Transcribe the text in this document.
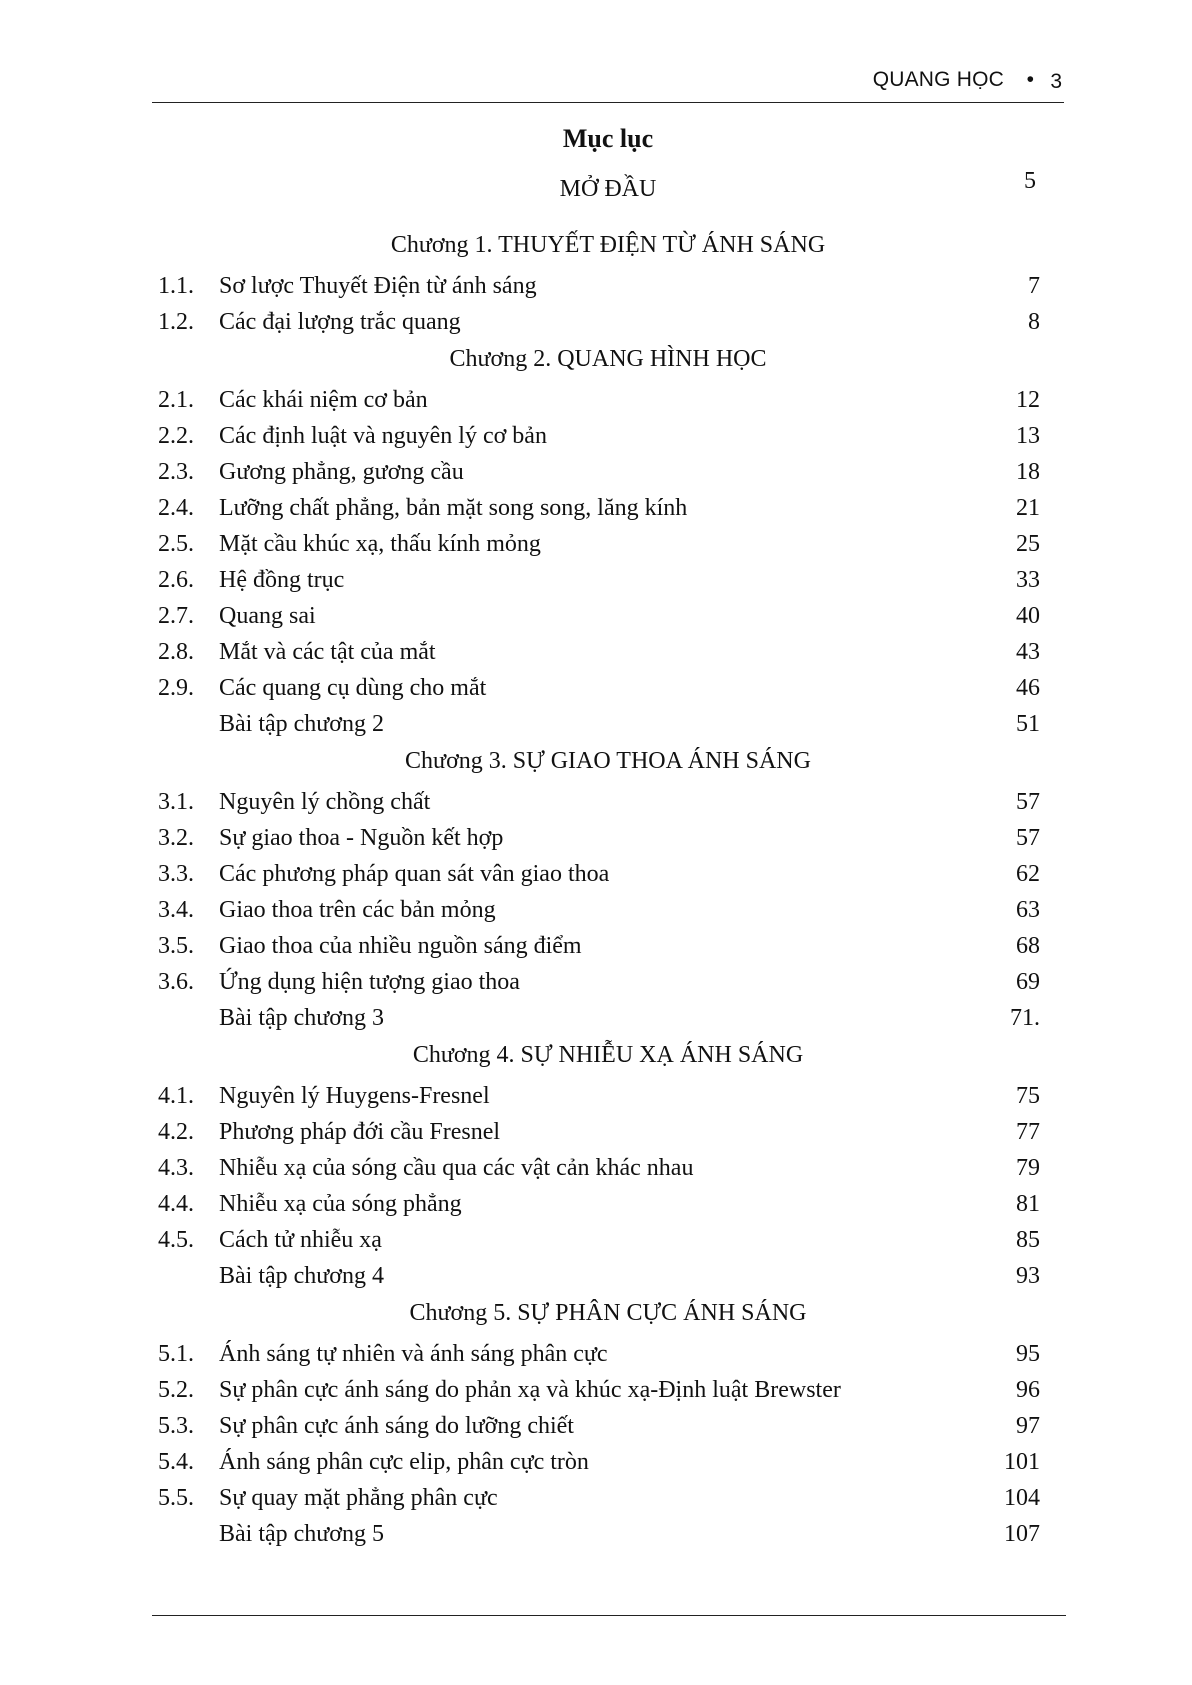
QUANG HỌC • 3
Mục lục
MỞ ĐẦU	5
Chương 1. THUYẾT ĐIỆN TỪ ÁNH SÁNG
1.1. Sơ lược Thuyết Điện từ ánh sáng	7
1.2. Các đại lượng trắc quang	8
Chương 2. QUANG HÌNH HỌC
2.1. Các khái niệm cơ bản	12
2.2. Các định luật và nguyên lý cơ bản	13
2.3. Gương phẳng, gương cầu	18
2.4. Lưỡng chất phẳng, bản mặt song song, lăng kính	21
2.5. Mặt cầu khúc xạ, thấu kính mỏng	25
2.6. Hệ đồng trục	33
2.7. Quang sai	40
2.8. Mắt và các tật của mắt	43
2.9. Các quang cụ dùng cho mắt	46
Bài tập chương 2	51
Chương 3. SỰ GIAO THOA ÁNH SÁNG
3.1. Nguyên lý chồng chất	57
3.2. Sự giao thoa - Nguồn kết hợp	57
3.3. Các phương pháp quan sát vân giao thoa	62
3.4. Giao thoa trên các bản mỏng	63
3.5. Giao thoa của nhiều nguồn sáng điểm	68
3.6. Ứng dụng hiện tượng giao thoa	69
Bài tập chương 3	71.
Chương 4. SỰ NHIỄU XẠ ÁNH SÁNG
4.1. Nguyên lý Huygens-Fresnel	75
4.2. Phương pháp đới cầu Fresnel	77
4.3. Nhiễu xạ của sóng cầu qua các vật cản khác nhau	79
4.4. Nhiễu xạ của sóng phẳng	81
4.5. Cách tử nhiễu xạ	85
Bài tập chương 4	93
Chương 5. SỰ PHÂN CỰC ÁNH SÁNG
5.1. Ánh sáng tự nhiên và ánh sáng phân cực	95
5.2. Sự phân cực ánh sáng do phản xạ và khúc xạ-Định luật Brewster	96
5.3. Sự phân cực ánh sáng do lưỡng chiết	97
5.4. Ánh sáng phân cực elip, phân cực tròn	101
5.5. Sự quay mặt phẳng phân cực	104
Bài tập chương 5	107
